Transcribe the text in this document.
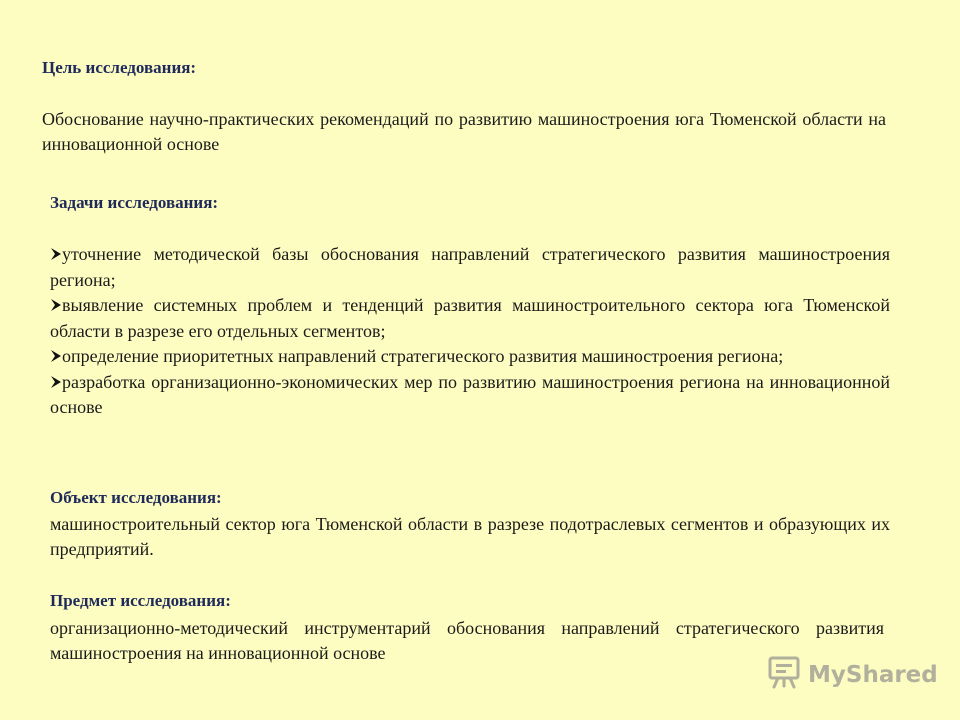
Цель исследования:
Обоснование научно-практических рекомендаций по развитию машиностроения юга Тюменской области на инновационной основе
Задачи исследования:
уточнение методической базы обоснования направлений стратегического развития машиностроения региона;
выявление системных проблем и тенденций развития машиностроительного сектора юга Тюменской области в разрезе его отдельных сегментов;
определение приоритетных направлений стратегического развития машиностроения региона;
разработка организационно-экономических мер по развитию машиностроения региона на инновационной основе
Объект исследования:
машиностроительный сектор юга Тюменской области в разрезе подотраслевых сегментов и образующих их предприятий.
Предмет исследования:
организационно-методический инструментарий обоснования направлений стратегического развития машиностроения на инновационной основе
MyShared
